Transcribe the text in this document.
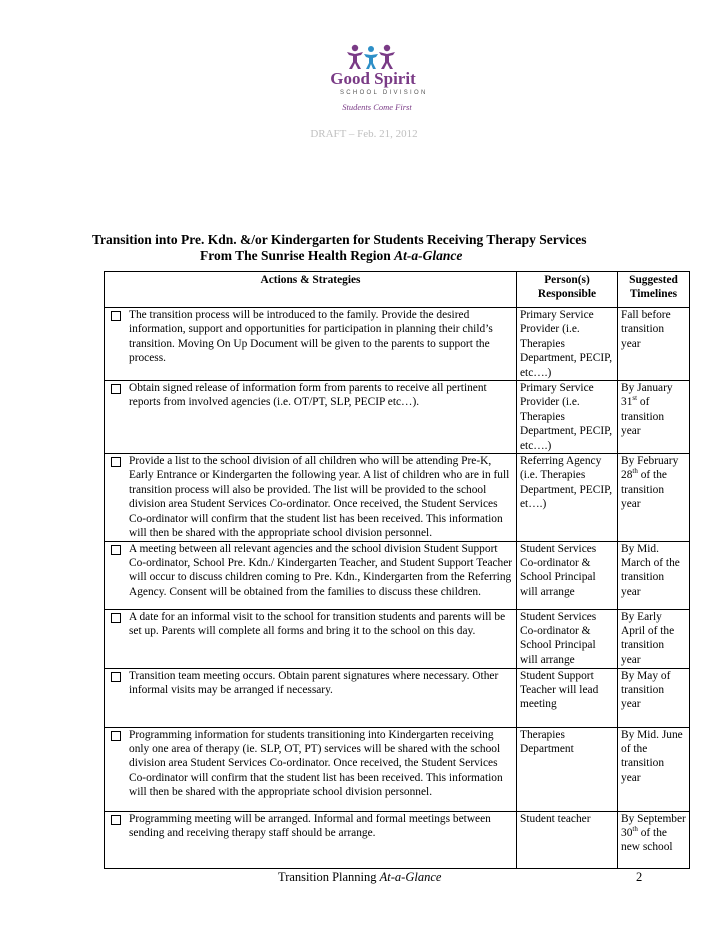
Good Spirit
SCHOOL DIVISION
Students Come First
DRAFT – Feb. 21, 2012
Transition into Pre. Kdn. &/or Kindergarten for Students Receiving Therapy Services
From The Sunrise Health Region At-a-Glance
Actions & Strategies	Person(s) Responsible	Suggested Timelines

The transition process will be introduced to the family. Provide the desired information, support and opportunities for participation in planning their child’s transition. Moving On Up Document will be given to the parents to support the process.	Primary Service Provider (i.e. Therapies Department, PECIP, etc….)	Fall before transition year

Obtain signed release of information form from parents to receive all pertinent reports from involved agencies (i.e. OT/PT, SLP, PECIP etc…).	Primary Service Provider (i.e. Therapies Department, PECIP, etc….)	By January 31st of transition year

Provide a list to the school division of all children who will be attending Pre-K, Early Entrance or Kindergarten the following year. A list of children who are in full transition process will also be provided. The list will be provided to the school division area Student Services Co-ordinator. Once received, the Student Services Co-ordinator will confirm that the student list has been received. This information will then be shared with the appropriate school division personnel.	Referring Agency (i.e. Therapies Department, PECIP, et….)	By February 28th of the transition year

A meeting between all relevant agencies and the school division Student Support Co-ordinator, School Pre. Kdn./ Kindergarten Teacher, and Student Support Teacher will occur to discuss children coming to Pre. Kdn., Kindergarten from the Referring Agency. Consent will be obtained from the families to discuss these children.	Student Services Co-ordinator & School Principal will arrange	By Mid. March of the transition year

A date for an informal visit to the school for transition students and parents will be set up. Parents will complete all forms and bring it to the school on this day.	Student Services Co-ordinator & School Principal will arrange	By Early April of the transition year

Transition team meeting occurs. Obtain parent signatures where necessary. Other informal visits may be arranged if necessary.	Student Support Teacher will lead meeting	By May of transition year

Programming information for students transitioning into Kindergarten receiving only one area of therapy (ie. SLP, OT, PT) services will be shared with the school division area Student Services Co-ordinator. Once received, the Student Services Co-ordinator will confirm that the student list has been received. This information will then be shared with the appropriate school division personnel.	Therapies Department	By Mid. June of the transition year

Programming meeting will be arranged. Informal and formal meetings between sending and receiving therapy staff should be arrange.	Student teacher	By September 30th of the new school
Transition Planning At-a-Glance	2
